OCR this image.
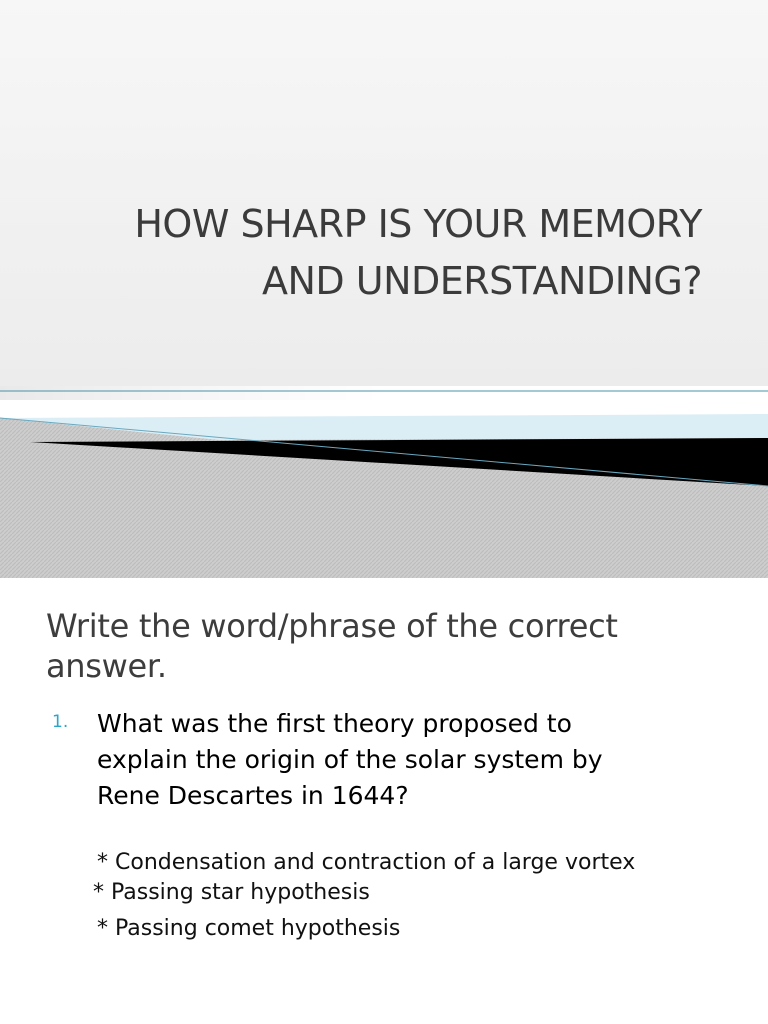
HOW SHARP IS YOUR MEMORY
AND UNDERSTANDING?
Write the word/phrase of the correct
answer.
1. What was the first theory proposed to
explain the origin of the solar system by
Rene Descartes in 1644?
* Condensation and contraction of a large vortex
* Passing star hypothesis
* Passing comet hypothesis
